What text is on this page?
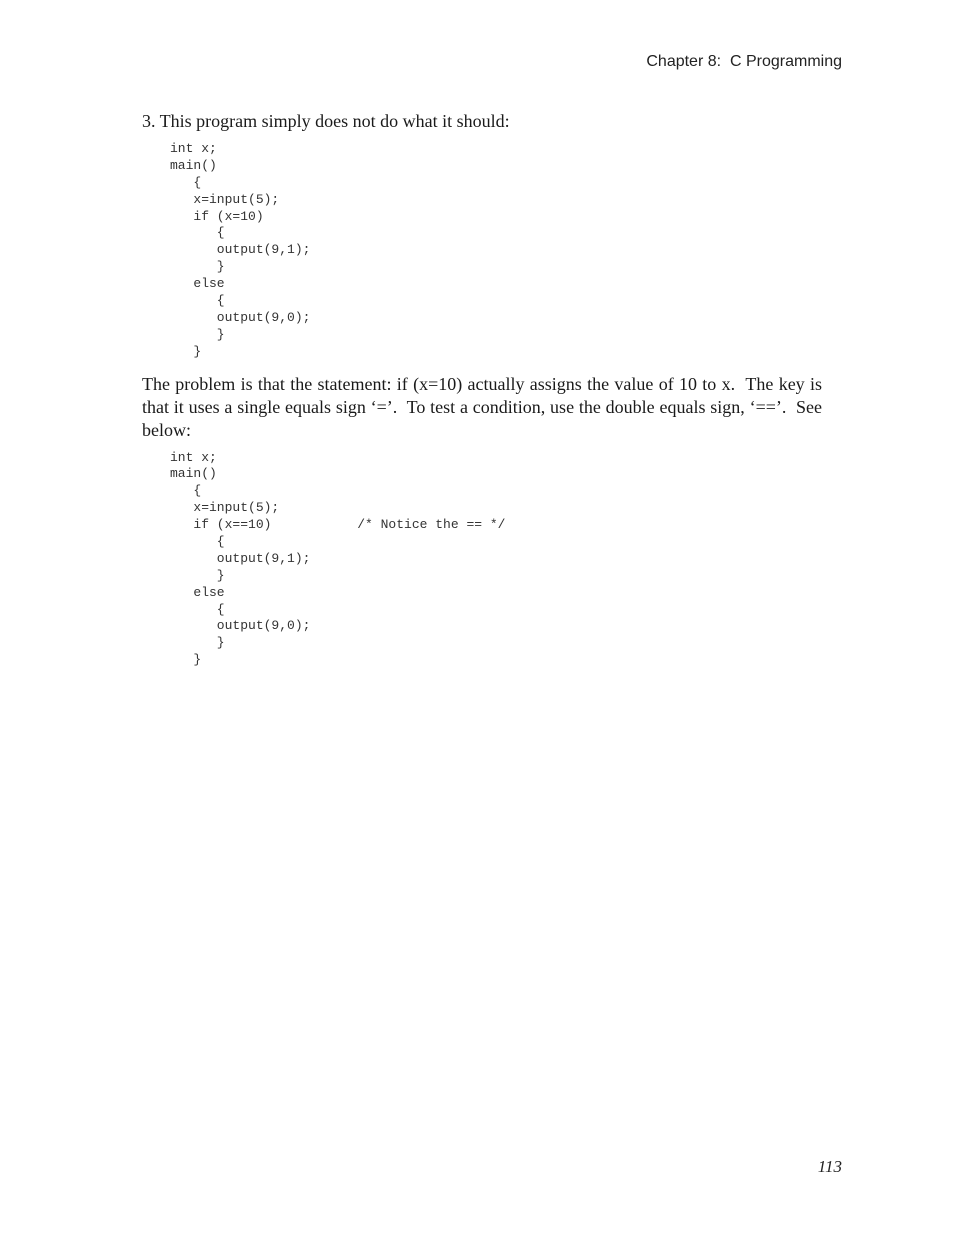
Chapter 8:  C Programming

3. This program simply does not do what it should:

int x;
main()
{
x=input(5);
if (x=10)
{
output(9,1);
}
else
{
output(9,0);
}
}

The problem is that the statement: if (x=10) actually assigns the value of 10 to x.  The key is that it uses a single equals sign ‘=’.  To test a condition, use the double equals sign, ‘==’.  See below:

int x;
main()
{
x=input(5);
if (x==10)           /* Notice the == */
{
output(9,1);
}
else
{
output(9,0);
}
}
113
